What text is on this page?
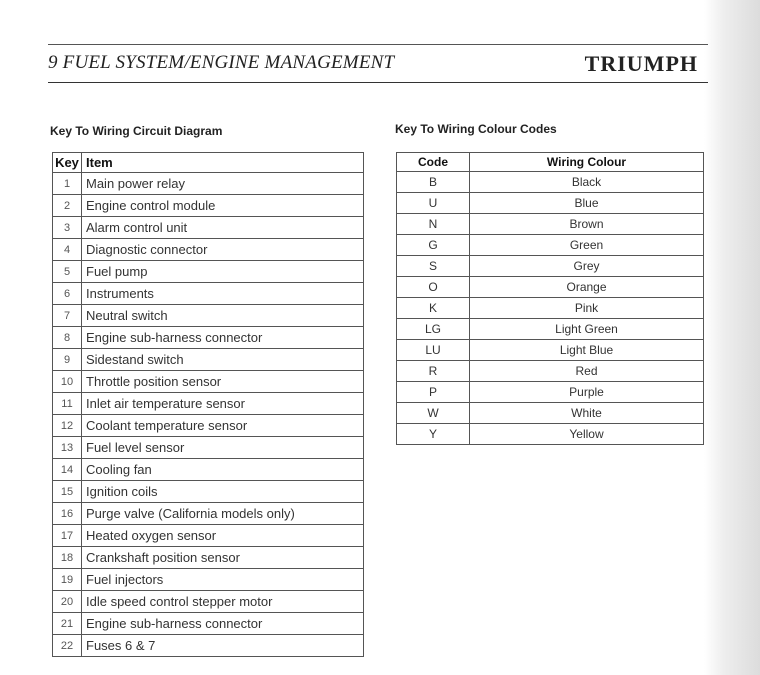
9 FUEL SYSTEM/ENGINE MANAGEMENT	TRIUMPH
Key To Wiring Circuit Diagram
Key	Item
1	Main power relay
2	Engine control module
3	Alarm control unit
4	Diagnostic connector
5	Fuel pump
6	Instruments
7	Neutral switch
8	Engine sub-harness connector
9	Sidestand switch
10	Throttle position sensor
11	Inlet air temperature sensor
12	Coolant temperature sensor
13	Fuel level sensor
14	Cooling fan
15	Ignition coils
16	Purge valve (California models only)
17	Heated oxygen sensor
18	Crankshaft position sensor
19	Fuel injectors
20	Idle speed control stepper motor
21	Engine sub-harness connector
22	Fuses 6 & 7
Key To Wiring Colour Codes
Code	Wiring Colour
B	Black
U	Blue
N	Brown
G	Green
S	Grey
O	Orange
K	Pink
LG	Light Green
LU	Light Blue
R	Red
P	Purple
W	White
Y	Yellow
